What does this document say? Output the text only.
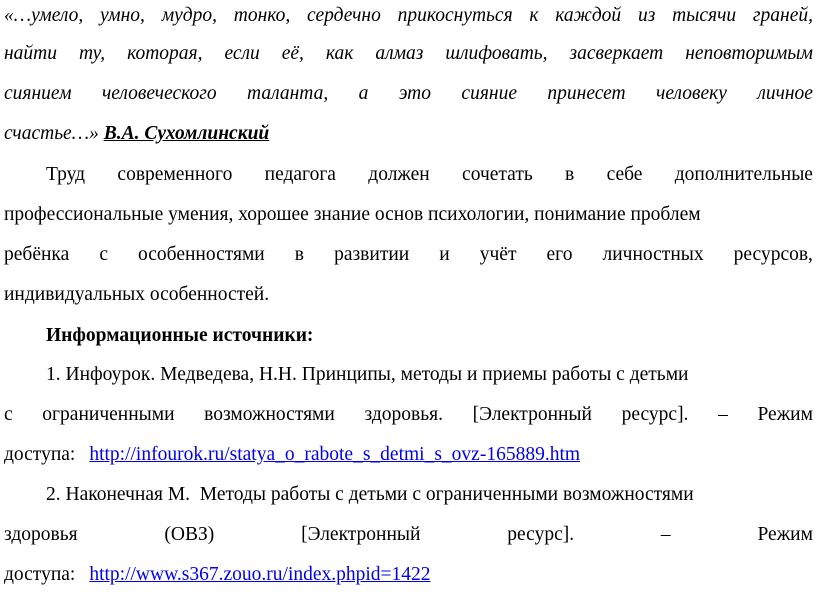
«…умело, умно, мудро, тонко, сердечно прикоснуться к каждой из тысячи граней,
найти ту, которая, если её, как алмаз шлифовать, засверкает неповторимым
сиянием человеческого таланта, а это сияние принесет человеку личное
счастье…» В.А. Сухомлинский
Труд современного педагога должен сочетать в себе дополнительные
профессиональные умения, хорошее знание основ психологии, понимание проблем
ребёнка с особенностями в развитии и учёт его личностных ресурсов,
индивидуальных особенностей.
Информационные источники:
1. Инфоурок. Медведева, Н.Н. Принципы, методы и приемы работы с детьми
с ограниченными возможностями здоровья. [Электронный ресурс]. – Режим
доступа: http://infourok.ru/statya_o_rabote_s_detmi_s_ovz-165889.htm
2. Наконечная М.  Методы работы с детьми с ограниченными возможностями
здоровья	(ОВЗ)	[Электронный	ресурс].	–	Режим
доступа: http://www.s367.zouo.ru/index.phpid=1422
